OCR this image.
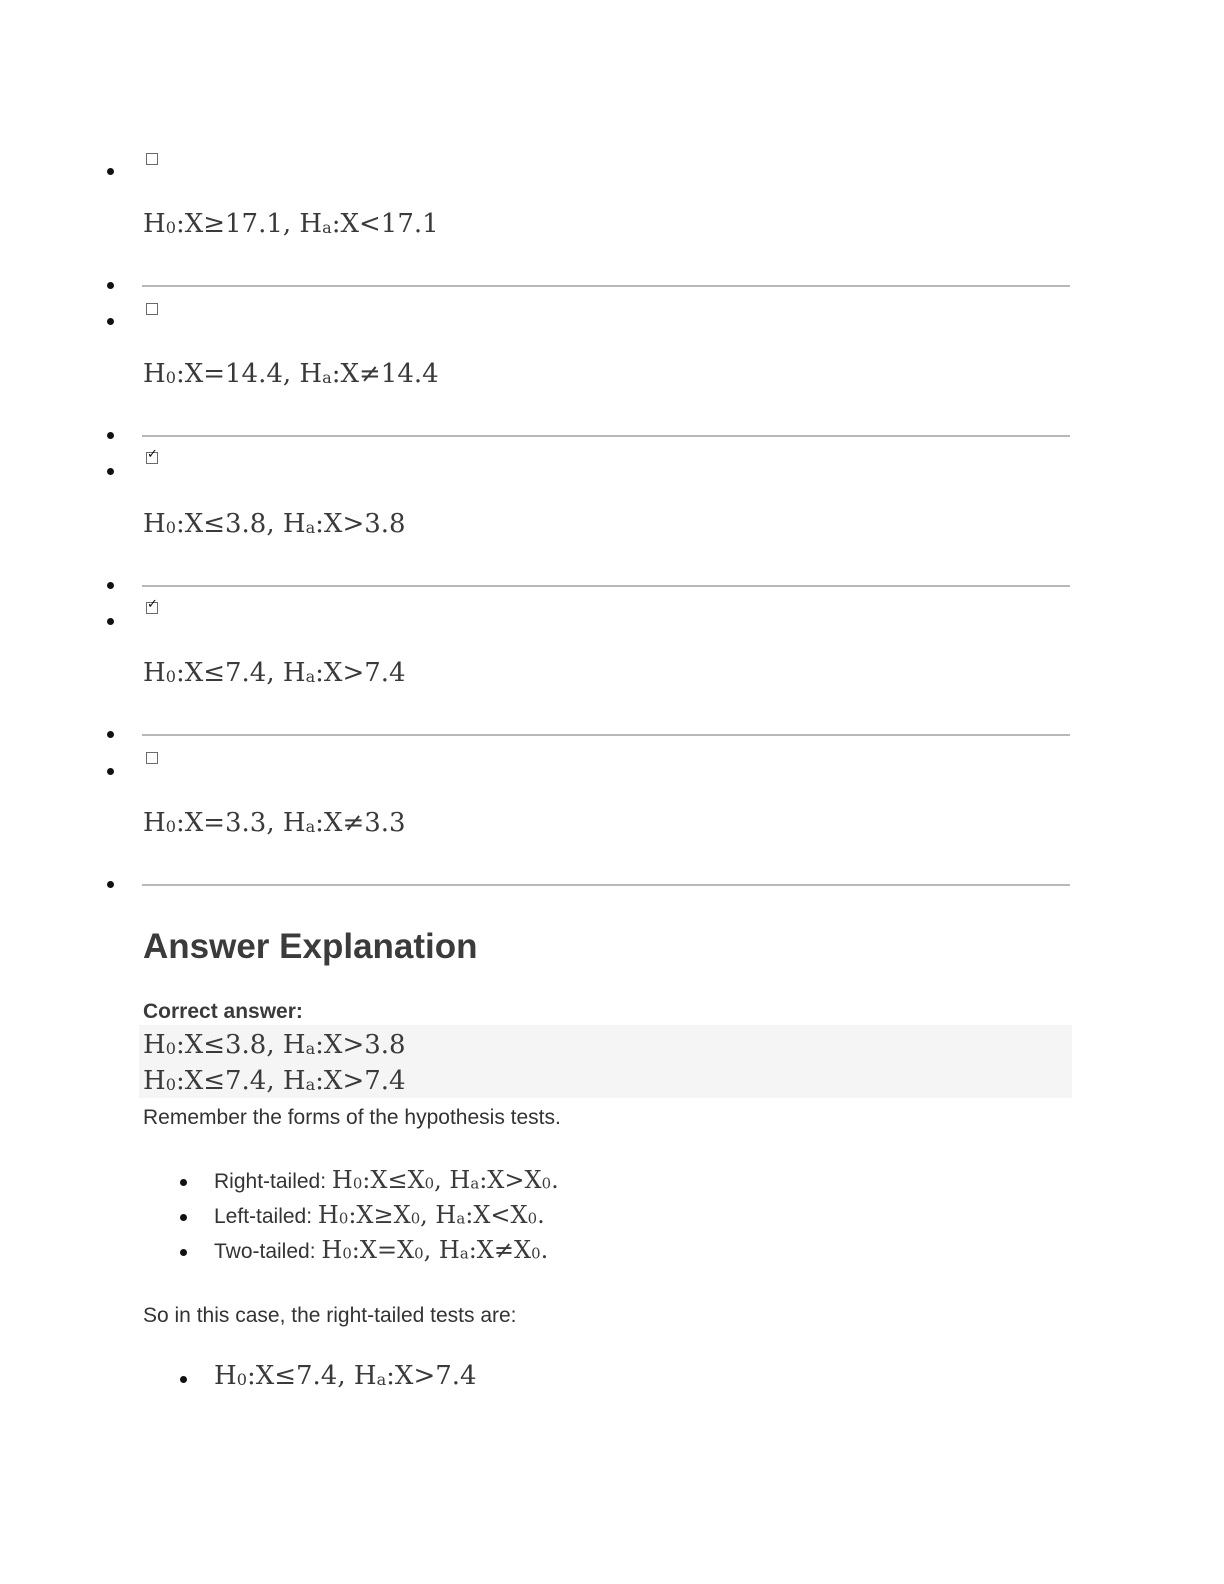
$H_0:X\ge 17.1$, $H_a:X<17.1$
$H_0:X=14.4$, $H_a:X\ne 14.4$
✓
$H_0:X\le 3.8$, $H_a:X>3.8$
✓
$H_0:X\le 7.4$, $H_a:X>7.4$
$H_0:X=3.3$, $H_a:X\ne 3.3$
Answer Explanation
Correct answer:
$H_0:X\le 3.8$, $H_a:X>3.8$
$H_0:X\le 7.4$, $H_a:X>7.4$
Remember the forms of the hypothesis tests.
Right-tailed: $H_0:X\le X_0$, $H_a:X>X_0$.
Left-tailed: $H_0:X\ge X_0$, $H_a:X<X_0$.
Two-tailed: $H_0:X=X_0$, $H_a:X\ne X_0$.
So in this case, the right-tailed tests are:
$H_0:X\le 7.4$, $H_a:X>7.4$
